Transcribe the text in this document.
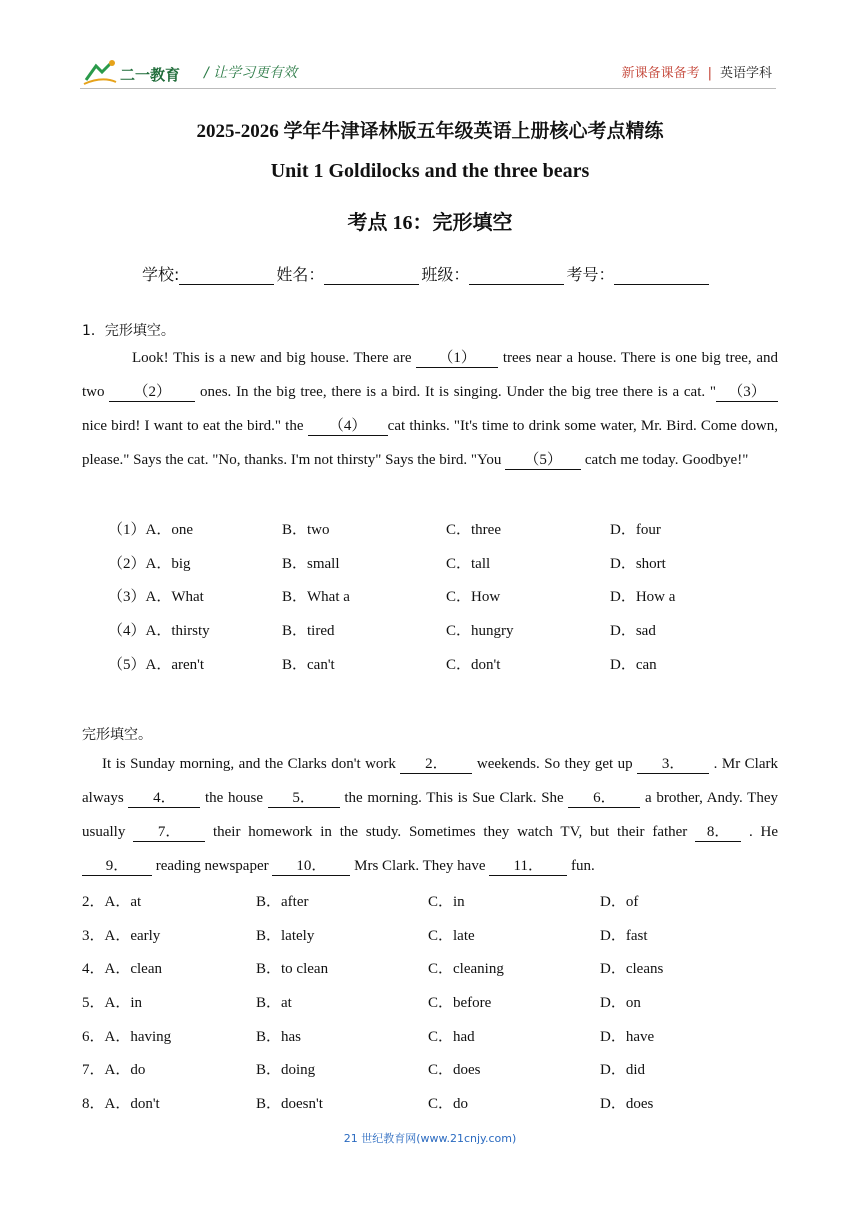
二一教育 / 让学习更有效	新课备课备考 | 英语学科
2025-2026 学年牛津译林版五年级英语上册核心考点精练
Unit 1 Goldilocks and the three bears
考点 16：完形填空
学校:	姓名：	班级：	考号：
1．完形填空。
Look! This is a new and big house. There are （1） trees near a house. There is one big tree, and two （2） ones. In the big tree, there is a bird. It is singing. Under the big tree there is a cat. " （3） nice bird! I want to eat the bird." the （4） cat thinks. "It's time to drink some water, Mr. Bird. Come down, please." Says the cat. "No, thanks. I'm not thirsty" Says the bird. "You （5） catch me today. Goodbye!"
（1）A．one	B．two	C．three	D．four
（2）A．big	B．small	C．tall	D．short
（3）A．What	B．What a	C．How	D．How a
（4）A．thirsty	B．tired	C．hungry	D．sad
（5）A．aren't	B．can't	C．don't	D．can
完形填空。
It is Sunday morning, and the Clarks don't work 2． weekends. So they get up 3． . Mr Clark always 4． the house 5． the morning. This is Sue Clark. She 6． a brother, Andy. They usually 7． their homework in the study. Sometimes they watch TV, but their father 8． . He 9． reading newspaper 10． Mrs Clark. They have 11． fun.
2．A．at	B．after	C．in	D．of
3．A．early	B．lately	C．late	D．fast
4．A．clean	B．to clean	C．cleaning	D．cleans
5．A．in	B．at	C．before	D．on
6．A．having	B．has	C．had	D．have
7．A．do	B．doing	C．does	D．did
8．A．don't	B．doesn't	C．do	D．does
21 世纪教育网(www.21cnjy.com)
